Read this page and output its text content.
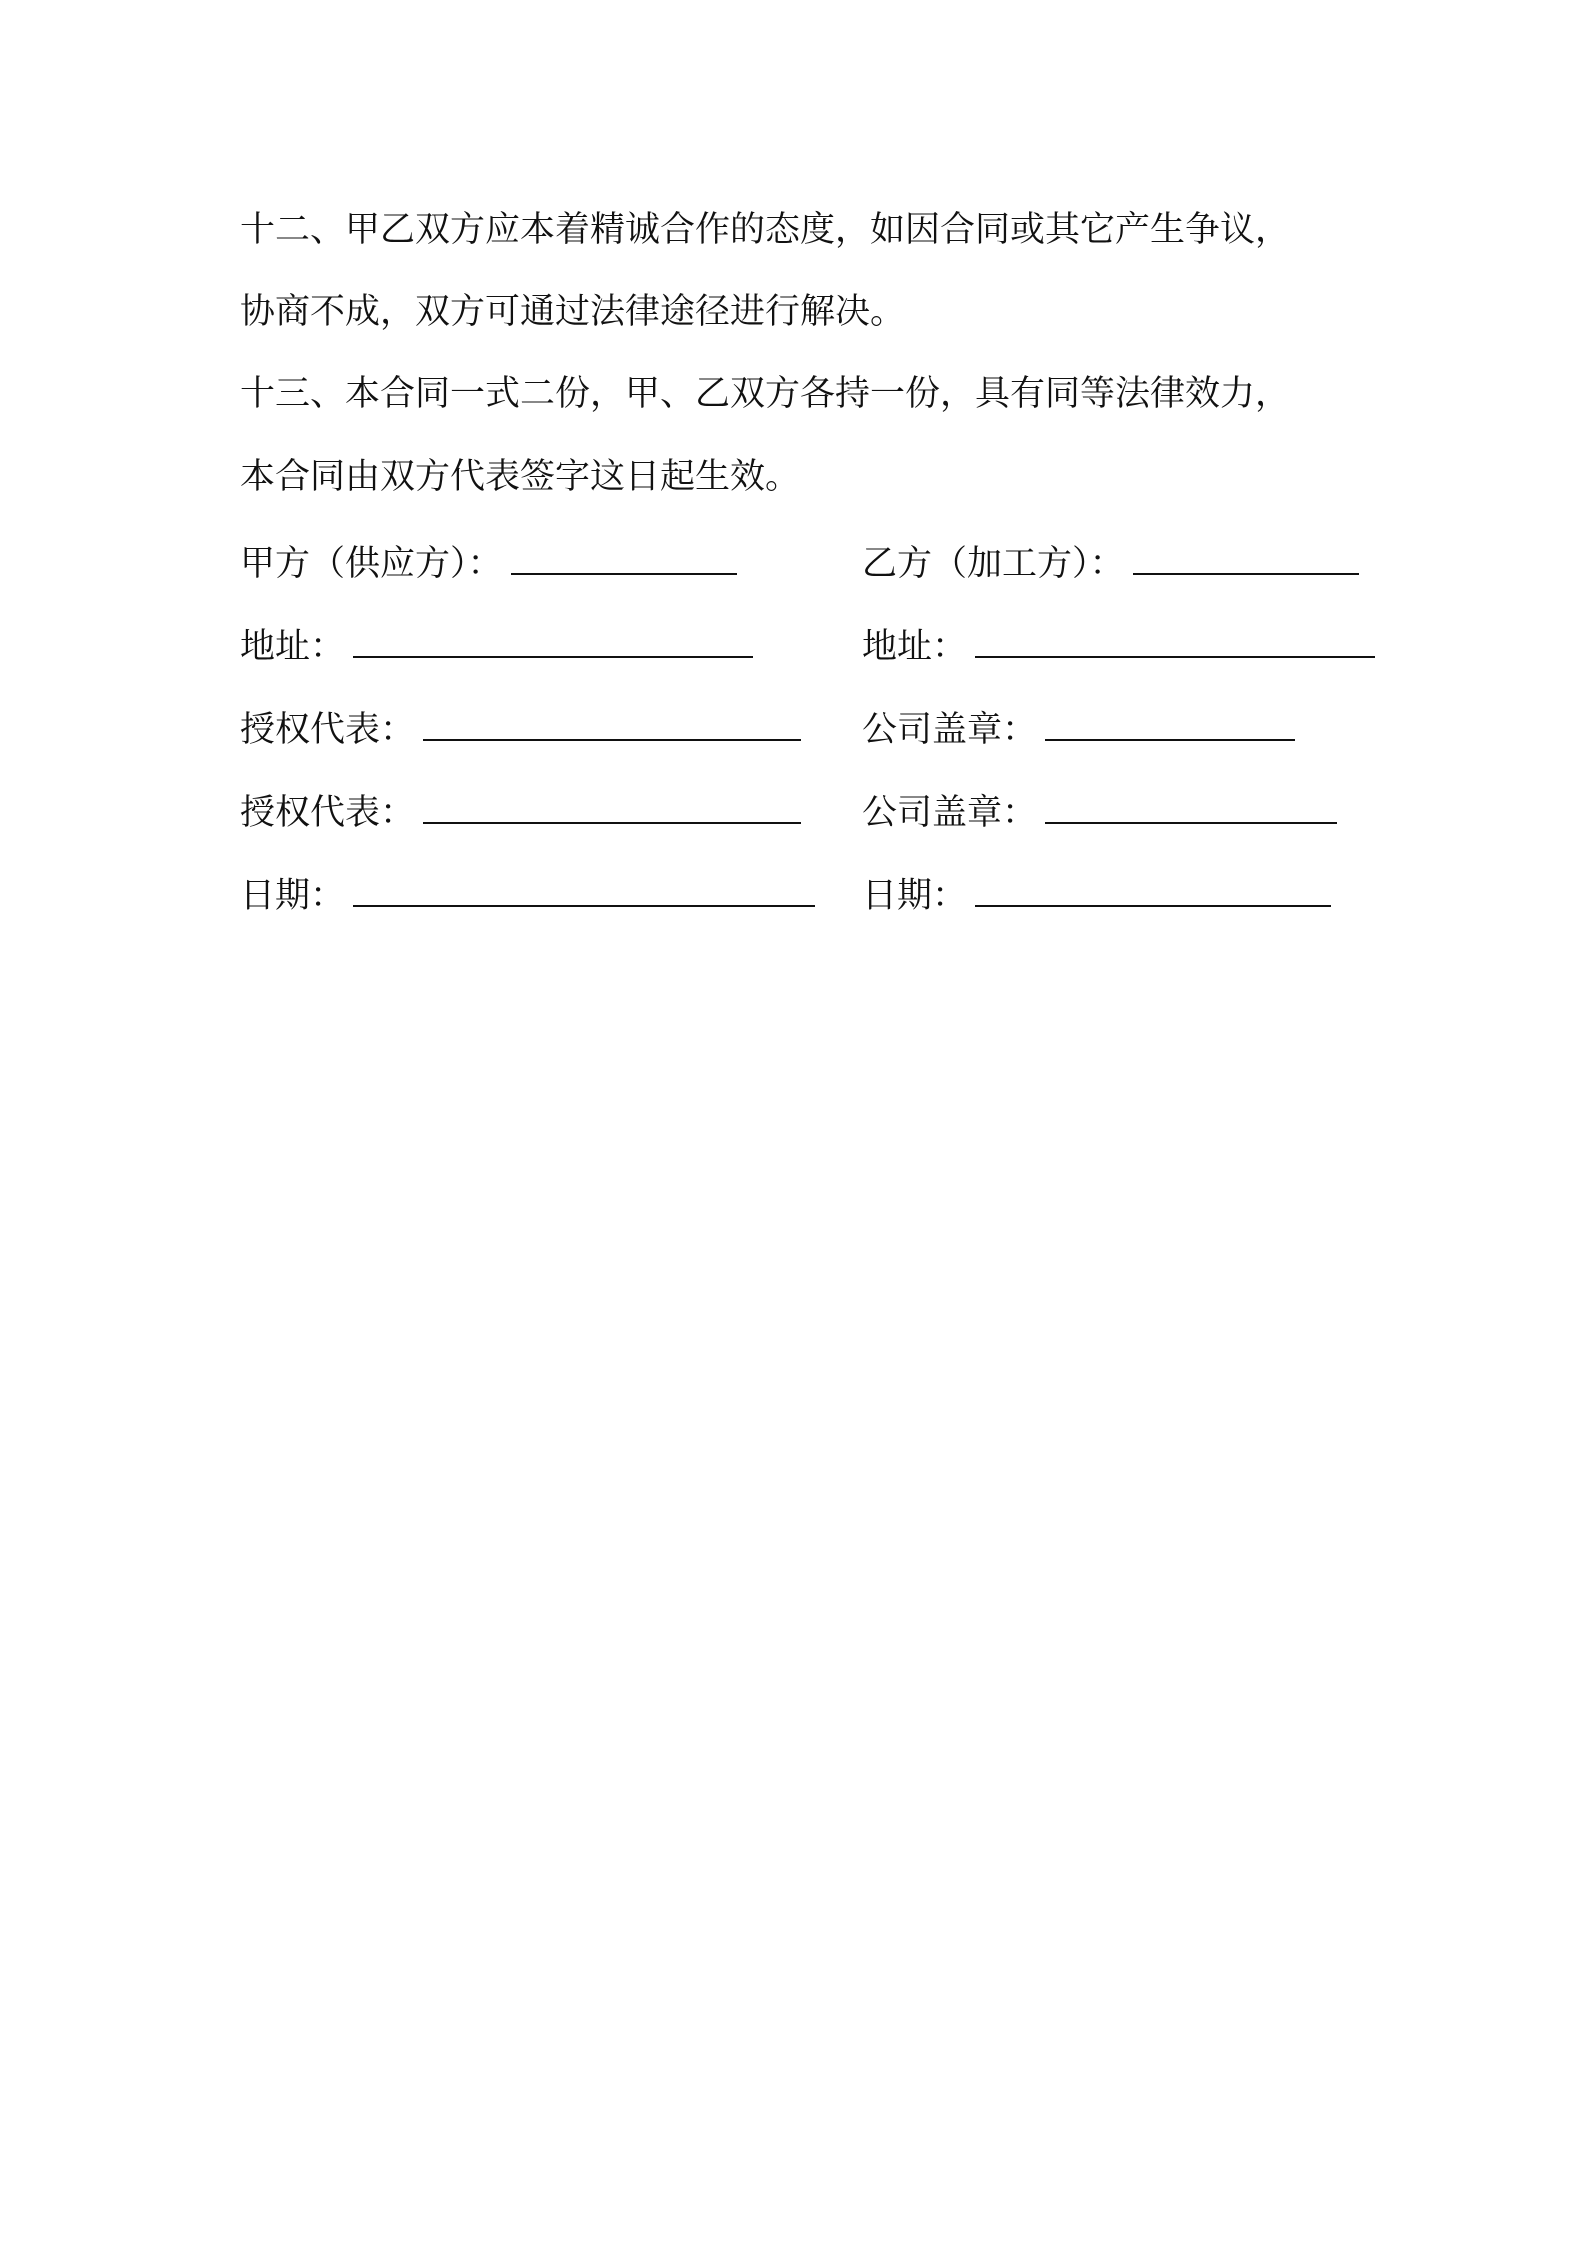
十二、甲乙双方应本着精诚合作的态度，如因合同或其它产生争议，
协商不成，双方可通过法律途径进行解决。
十三、本合同一式二份，甲、乙双方各持一份，具有同等法律效力，
本合同由双方代表签字这日起生效。
甲方（供应方）：
地址：
授权代表：
授权代表：
日期：
乙方（加工方）：
地址：
公司盖章：
公司盖章：
日期：
